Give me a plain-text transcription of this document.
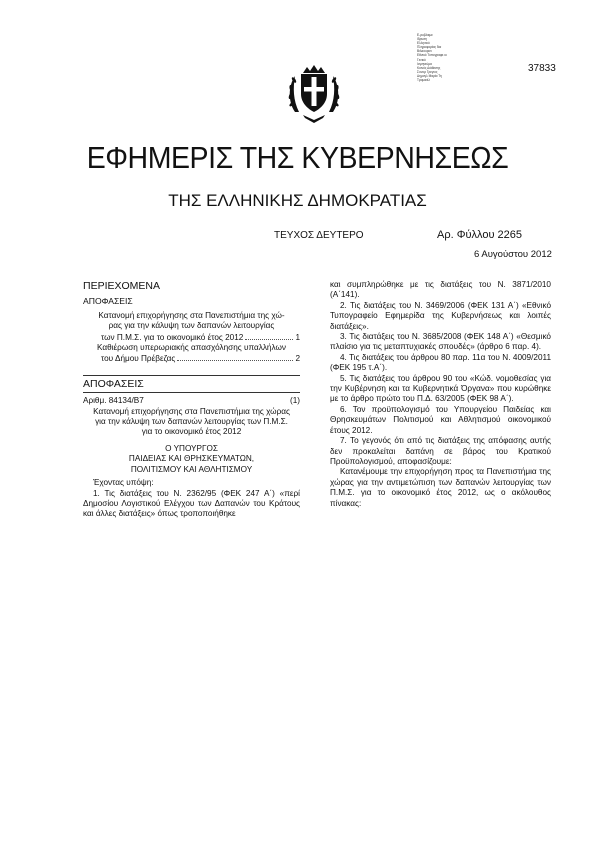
Ε-ρuβλικμε
Ιδρυση
Ελληνικό
Πληροφορίας δια
Βιλαουρον
Εθνικό Τυπογραφε ιο
Γενικό
Ισμηνεύμα
Κοινός Διάθεσης
Συνορ Γρεγιος
Δημογλ Μαρία Τη
Τρομαιέλ
37833
ΕΦΗΜΕΡΙΣ ΤΗΣ ΚΥΒΕΡΝΗΣΕΩΣ
ΤΗΣ ΕΛΛΗΝΙΚΗΣ ΔΗΜΟΚΡΑΤΙΑΣ
ΤΕΥΧΟΣ ΔΕΥΤΕΡΟ	Αρ. Φύλλου 2265
6 Αυγούστου 2012

ΠΕΡΙΕΧΟΜΕΝΑ

ΑΠΟΦΑΣΕΙΣ

Κατανομή επιχορήγησης στα Πανεπιστήμια της χώ-

ρας για την κάλυψη των δαπανών λειτουργίας

των Π.Μ.Σ. για το οικονομικό έτος 2012	1

Καθιέρωση υπερωριακής απασχόλησης υπαλλήλων

του Δήμου Πρέβεζας	2

ΑΠΟΦΑΣΕΙΣ

Αριθμ. 84134/Β7	(1)

Κατανομή επιχορήγησης στα Πανεπιστήμια της χώρας

για την κάλυψη των δαπανών λειτουργίας των Π.Μ.Σ.

για το οικονομικό έτος 2012

Ο ΥΠΟΥΡΓΟΣ

ΠΑΙΔΕΙΑΣ ΚΑΙ ΘΡΗΣΚΕΥΜΑΤΩΝ,

ΠΟΛΙΤΙΣΜΟΥ ΚΑΙ ΑΘΛΗΤΙΣΜΟΥ

Έχοντας υπόψη:

1. Τις διατάξεις του Ν. 2362/95 (ΦΕΚ 247 Α΄) «περί Δημοσίου Λογιστικού Ελέγχου των Δαπανών του Κράτους και άλλες διατάξεις» όπως τροποποιήθηκε

και συμπληρώθηκε με τις διατάξεις του Ν. 3871/2010 (Α΄141).

2. Τις διατάξεις του Ν. 3469/2006 (ΦΕΚ 131 Α΄) «Εθνικό Τυπογραφείο Εφημερίδα της Κυβερνήσεως και λοιπές διατάξεις».

3. Τις διατάξεις του Ν. 3685/2008 (ΦΕΚ 148 Α΄) «Θεσμικό πλαίσιο για τις μεταπτυχιακές σπουδές» (άρθρο 6 παρ. 4).

4. Τις διατάξεις του άρθρου 80 παρ. 11α του Ν. 4009/2011 (ΦΕΚ 195 τ.Α΄).

5. Τις διατάξεις του άρθρου 90 του «Κώδ. νομοθεσίας για την Κυβέρνηση και τα Κυβερνητικά Όργανα» που κυρώθηκε με το άρθρο πρώτο του Π.Δ. 63/2005 (ΦΕΚ 98 Α΄).

6. Τον προϋπολογισμό του Υπουργείου Παιδείας και Θρησκευμάτων Πολιτισμού και Αθλητισμού οικονομικού έτους 2012.

7. Το γεγονός ότι από τις διατάξεις της απόφασης αυτής δεν προκαλείται δαπάνη σε βάρος του Κρατικού Προϋπολογισμού, αποφασίζουμε:

Κατανέμουμε την επιχορήγηση προς τα Πανεπιστήμια της χώρας για την αντιμετώπιση των δαπανών λειτουργίας των Π.Μ.Σ. για το οικονομικό έτος 2012, ως ο ακόλουθος πίνακας:
